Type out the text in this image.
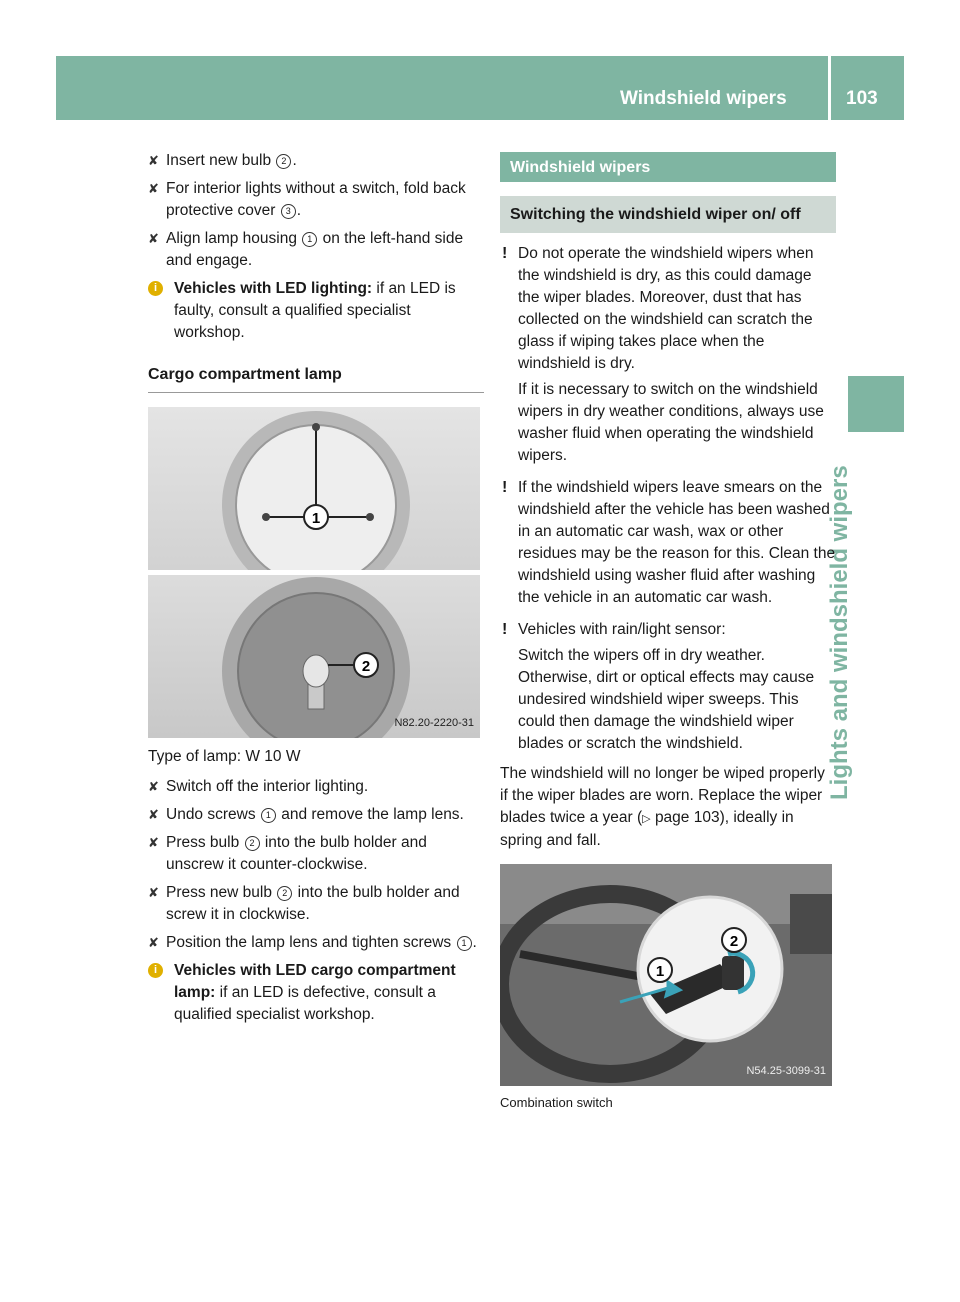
Windshield wipers	103
Lights and windshield wipers
✘ Insert new bulb 2 .
✘ For interior lights without a switch, fold back protective cover 3 .
✘ Align lamp housing 1 on the left-hand side and engage.
i	Vehicles with LED lighting: if an LED is faulty, consult a qualified specialist workshop.
Cargo compartment lamp
1
2
N82.20-2220-31
Type of lamp: W 10 W
✘ Switch off the interior lighting.
✘ Undo screws 1 and remove the lamp lens.
✘ Press bulb 2 into the bulb holder and unscrew it counter-clockwise.
✘ Press new bulb 2 into the bulb holder and screw it in clockwise.
✘ Position the lamp lens and tighten screws 1 .
i	Vehicles with LED cargo compartment lamp: if an LED is defective, consult a qualified specialist workshop.
Windshield wipers
Switching the windshield wiper on/ off
! Do not operate the windshield wipers when the windshield is dry, as this could damage the wiper blades. Moreover, dust that has collected on the windshield can scratch the glass if wiping takes place when the windshield is dry.

If it is necessary to switch on the windshield wipers in dry weather conditions, always use washer fluid when operating the windshield wipers.

! If the windshield wipers leave smears on the windshield after the vehicle has been washed in an automatic car wash, wax or other residues may be the reason for this. Clean the windshield using washer fluid after washing the vehicle in an automatic car wash.

! Vehicles with rain/light sensor:

Switch the wipers off in dry weather. Otherwise, dirt or optical effects may cause undesired windshield wiper sweeps. This could then damage the windshield wiper blades or scratch the windshield.

The windshield will no longer be wiped properly if the wiper blades are worn. Replace the wiper blades twice a year (▷ page 103), ideally in spring and fall.
1
2
N54.25-3099-31
Combination switch
